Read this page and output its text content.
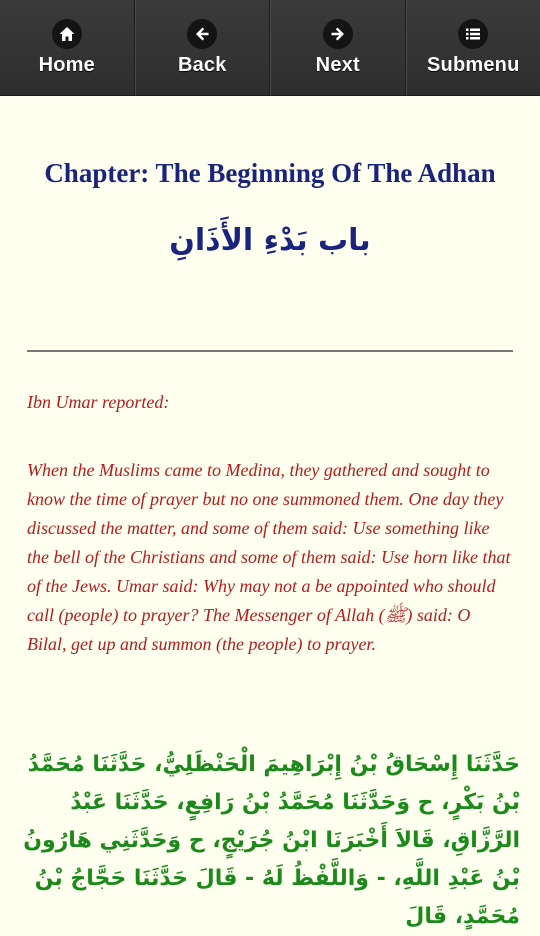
Home	Back	Next	Submenu
Chapter: The Beginning Of The Adhan
باب بَدْءِ الأَذَانِ
Ibn Umar reported:

When the Muslims came to Medina, they gathered and sought to know the time of prayer but no one summoned them. One day they discussed the matter, and some of them said: Use something like the bell of the Christians and some of them said: Use horn like that of the Jews. Umar said: Why may not a be appointed who should call (people) to prayer? The Messenger of Allah (ﷺ) said: O Bilal, get up and summon (the people) to prayer.

حَدَّثَنَا إِسْحَاقُ بْنُ إِبْرَاهِيمَ الْحَنْظَلِيُّ، حَدَّثَنَا مُحَمَّدُ بْنُ بَكْرٍ، ح وَحَدَّثَنَا مُحَمَّدُ بْنُ رَافِعٍ، حَدَّثَنَا عَبْدُ الرَّزَّاقِ، قَالاَ أَخْبَرَنَا ابْنُ جُرَيْجٍ، ح وَحَدَّثَنِي هَارُونُ بْنُ عَبْدِ اللَّهِ، - وَاللَّفْظُ لَهُ - قَالَ حَدَّثَنَا حَجَّاجُ بْنُ مُحَمَّدٍ، قَالَ
